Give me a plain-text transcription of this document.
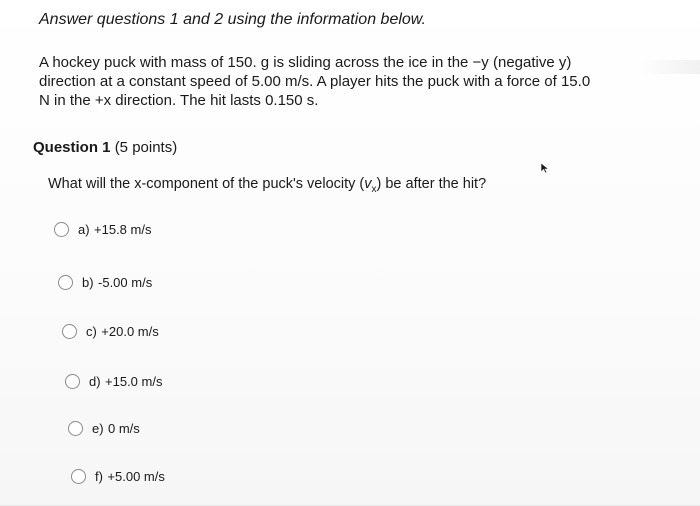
Answer questions 1 and 2 using the information below.
A hockey puck with mass of 150. g is sliding across the ice in the −y (negative y)
direction at a constant speed of 5.00 m/s. A player hits the puck with a force of 15.0
N in the +x direction. The hit lasts 0.150 s.
Question 1 (5 points)
What will the x-component of the puck's velocity $(v_x)$ be after the hit?
a)
+15.8 m/s
b)
-5.00 m/s
c)
+20.0 m/s
d)
+15.0 m/s
e)
0 m/s
f)
+5.00 m/s
